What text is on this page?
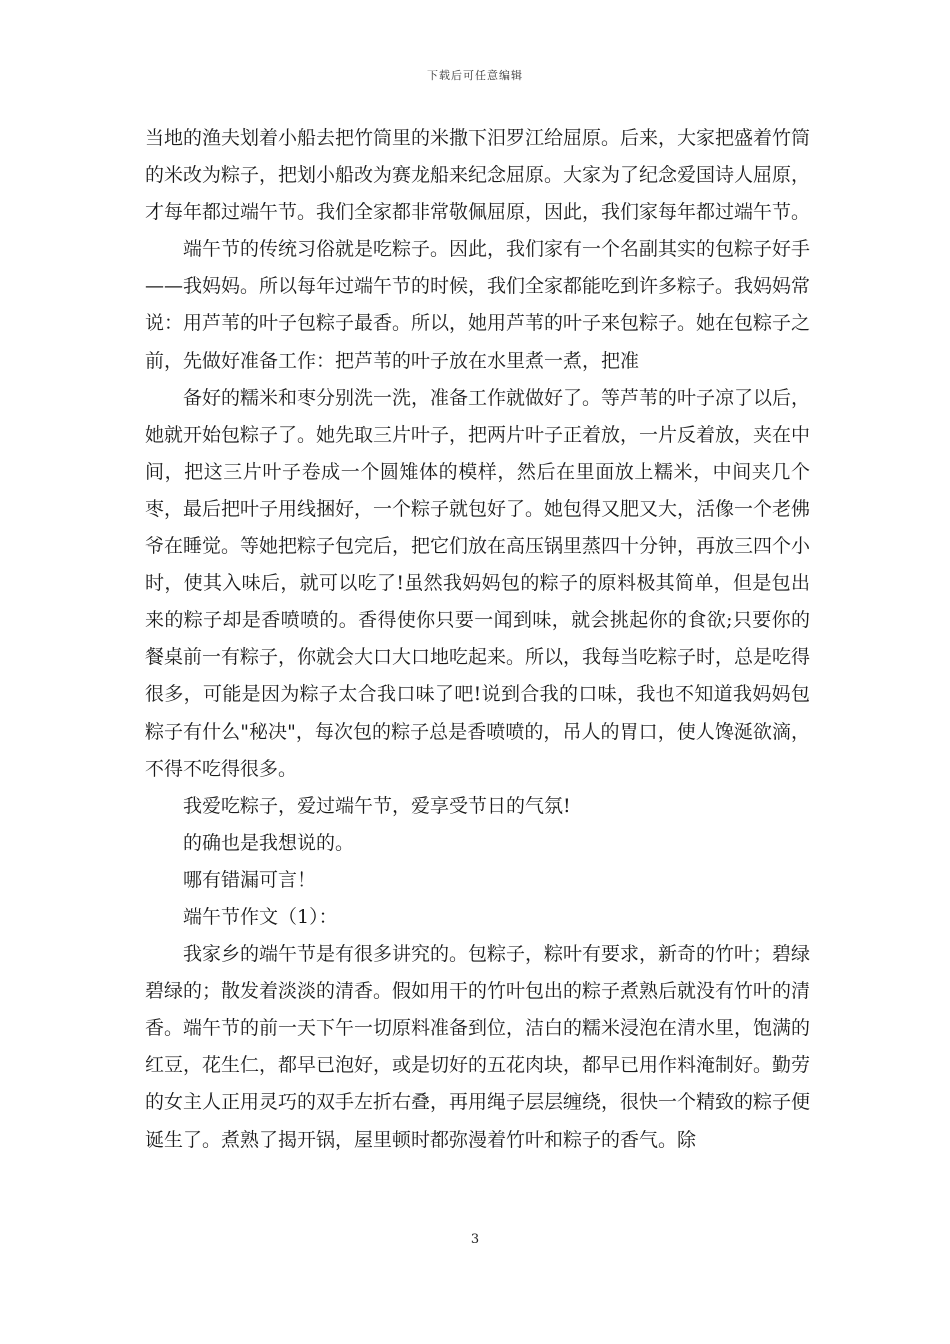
下载后可任意编辑

当地的渔夫划着小船去把竹筒里的米撒下汨罗江给屈原。后来，大家把盛着竹筒的米改为粽子，把划小船改为赛龙船来纪念屈原。大家为了纪念爱国诗人屈原，才每年都过端午节。我们全家都非常敬佩屈原，因此，我们家每年都过端午节。

端午节的传统习俗就是吃粽子。因此，我们家有一个名副其实的包粽子好手——我妈妈。所以每年过端午节的时候，我们全家都能吃到许多粽子。我妈妈常说：用芦苇的叶子包粽子最香。所以，她用芦苇的叶子来包粽子。她在包粽子之前，先做好准备工作：把芦苇的叶子放在水里煮一煮，把准

备好的糯米和枣分别洗一洗，准备工作就做好了。等芦苇的叶子凉了以后，她就开始包粽子了。她先取三片叶子，把两片叶子正着放，一片反着放，夹在中间，把这三片叶子卷成一个圆雉体的模样，然后在里面放上糯米，中间夹几个枣，最后把叶子用线捆好，一个粽子就包好了。她包得又肥又大，活像一个老佛爷在睡觉。等她把粽子包完后，把它们放在高压锅里蒸四十分钟，再放三四个小时，使其入味后，就可以吃了!虽然我妈妈包的粽子的原料极其简单，但是包出来的粽子却是香喷喷的。香得使你只要一闻到味，就会挑起你的食欲;只要你的餐桌前一有粽子，你就会大口大口地吃起来。所以，我每当吃粽子时，总是吃得很多，可能是因为粽子太合我口味了吧!说到合我的口味，我也不知道我妈妈包粽子有什么"秘决"，每次包的粽子总是香喷喷的，吊人的胃口，使人馋涎欲滴，不得不吃得很多。

我爱吃粽子，爱过端午节，爱享受节日的气氛!

的确也是我想说的。

哪有错漏可言！

端午节作文（1）：

我家乡的端午节是有很多讲究的。包粽子，粽叶有要求，新奇的竹叶；碧绿碧绿的；散发着淡淡的清香。假如用干的竹叶包出的粽子煮熟后就没有竹叶的清香。端午节的前一天下午一切原料准备到位，洁白的糯米浸泡在清水里，饱满的红豆，花生仁，都早已泡好，或是切好的五花肉块，都早已用作料淹制好。勤劳的女主人正用灵巧的双手左折右叠，再用绳子层层缠绕，很快一个精致的粽子便诞生了。煮熟了揭开锅，屋里顿时都弥漫着竹叶和粽子的香气。除

3
